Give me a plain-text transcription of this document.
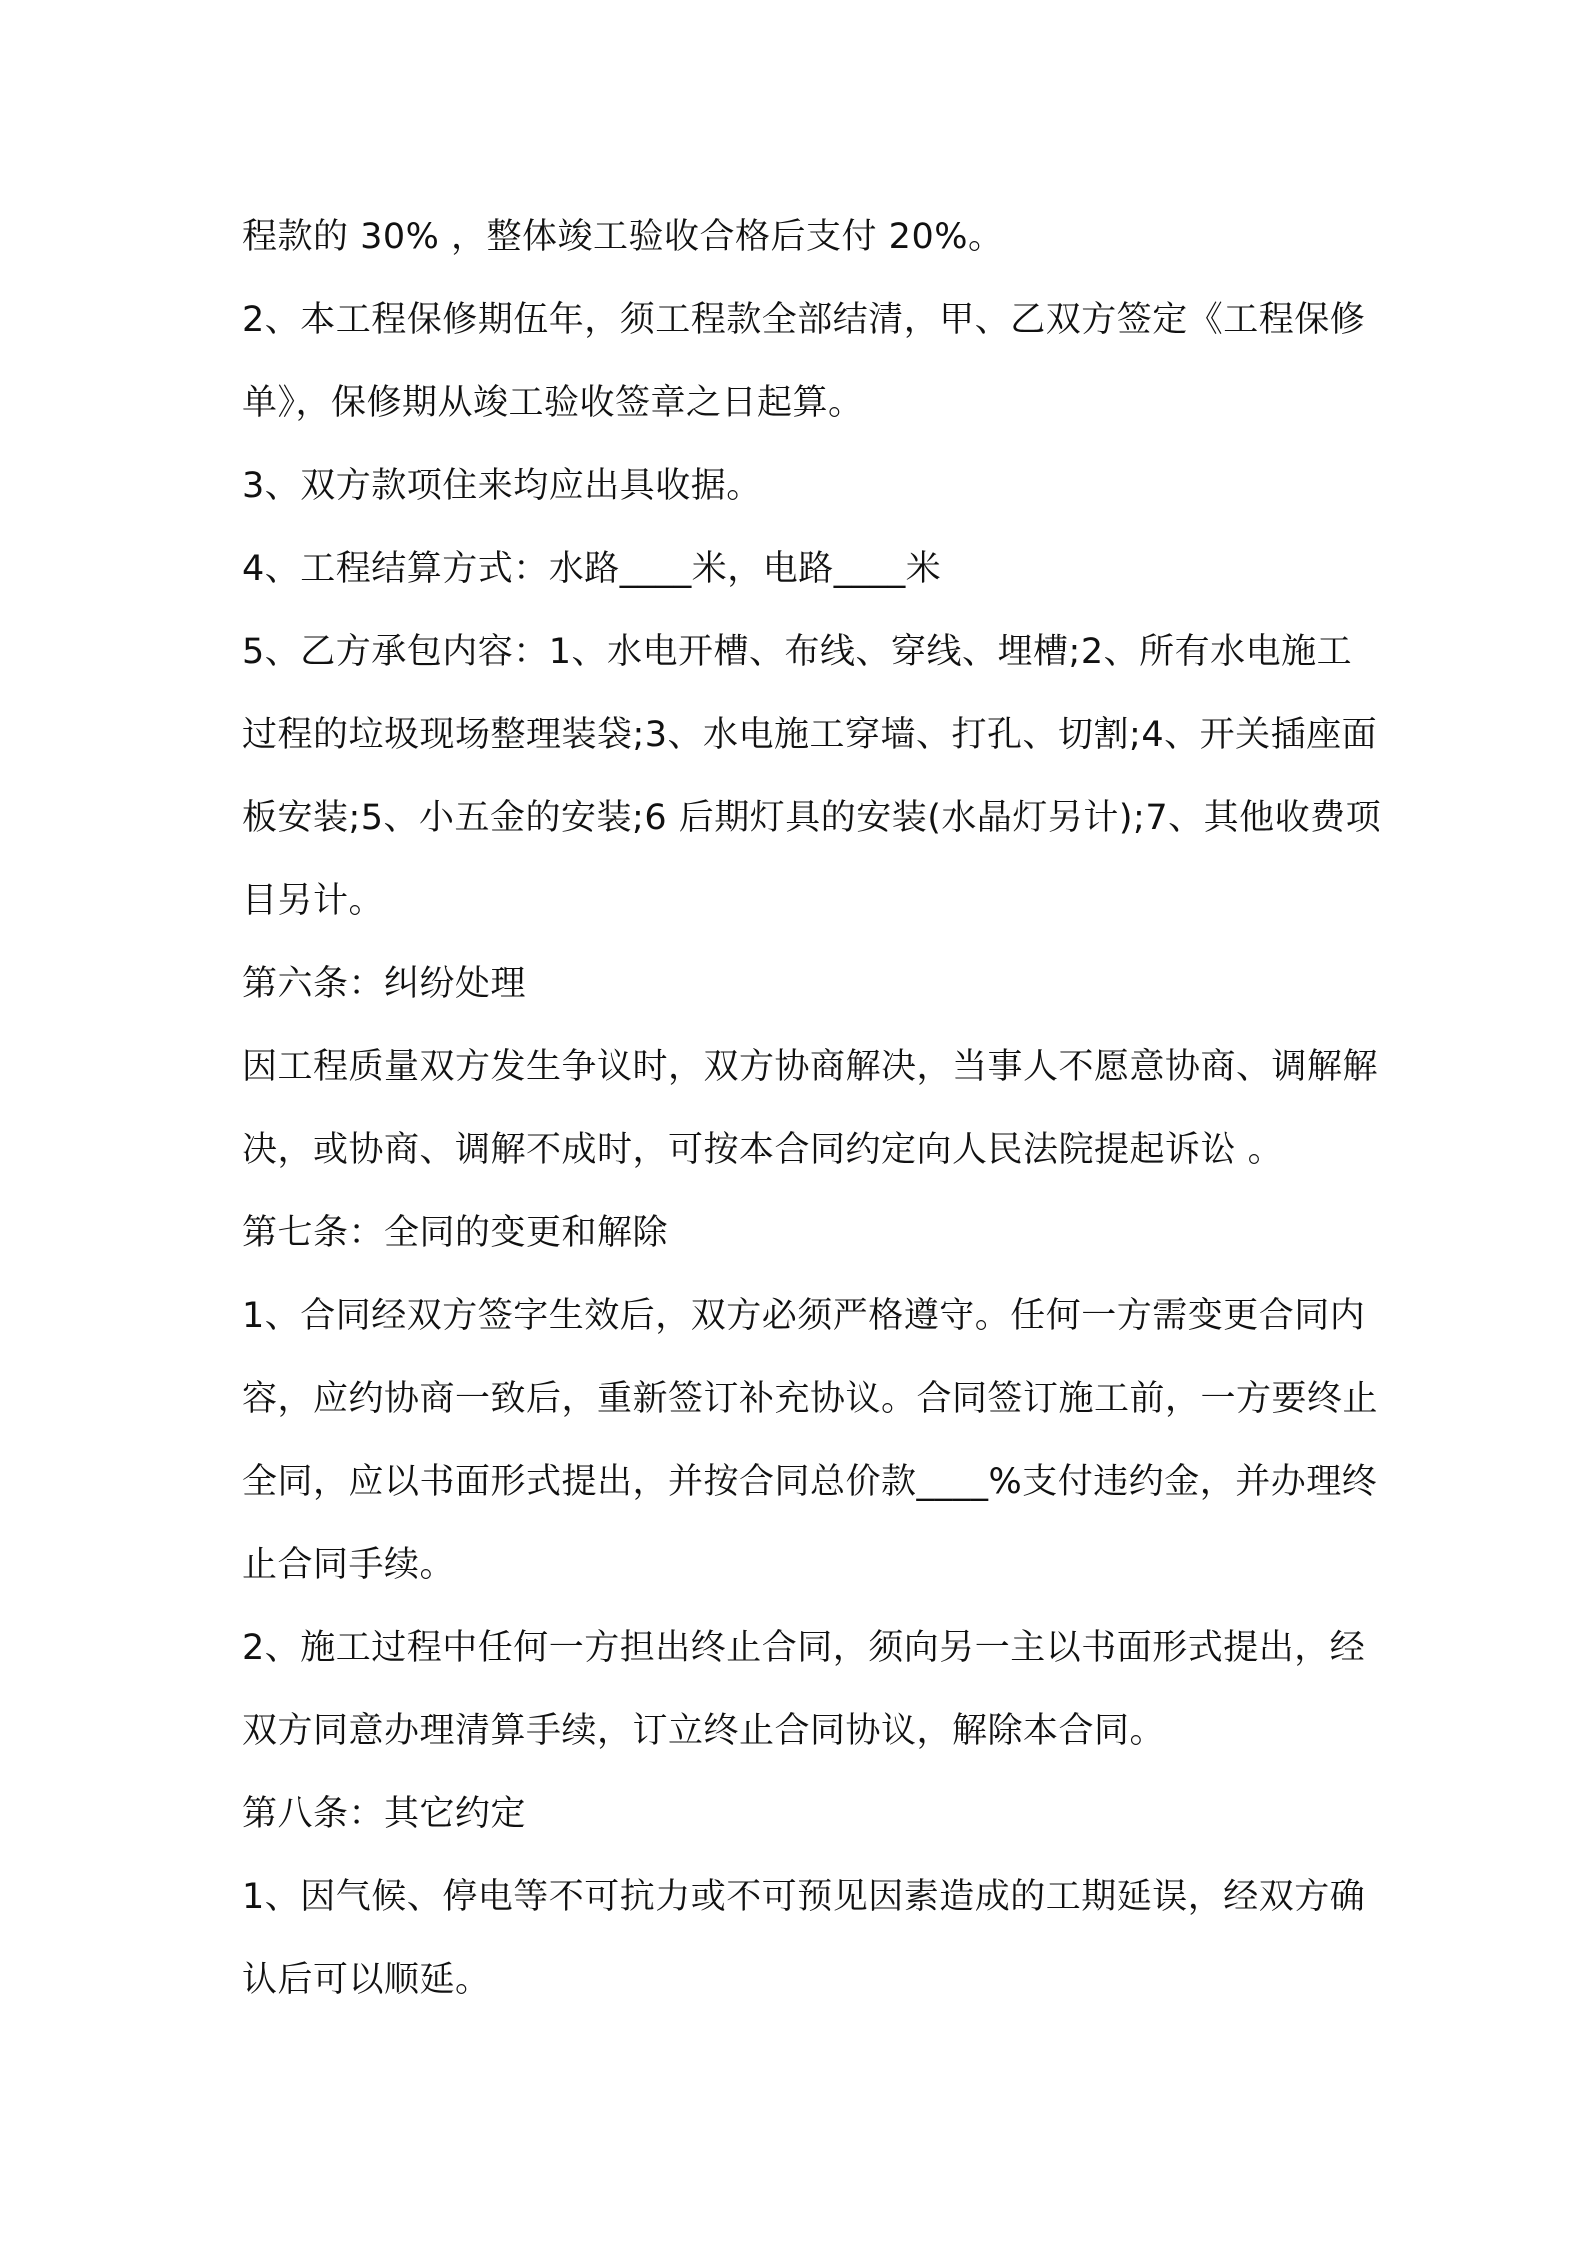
程款的 30% ，整体竣工验收合格后支付 20%。

2、本工程保修期伍年，须工程款全部结清，甲、乙双方签定《工程保修单》，保修期从竣工验收签章之日起算。

3、双方款项住来均应出具收据。

4、工程结算方式：水路____米，电路____米

5、乙方承包内容：1、水电开槽、布线、穿线、埋槽;2、所有水电施工过程的垃圾现场整理装袋;3、水电施工穿墙、打孔、切割;4、开关插座面板安装;5、小五金的安装;6 后期灯具的安装(水晶灯另计);7、其他收费项目另计。

第六条：纠纷处理

因工程质量双方发生争议时，双方协商解决，当事人不愿意协商、调解解决，或协商、调解不成时，可按本合同约定向人民法院提起诉讼 。

第七条：全同的变更和解除

1、合同经双方签字生效后，双方必须严格遵守。任何一方需变更合同内容，应约协商一致后，重新签订补充协议。合同签订施工前，一方要终止全同，应以书面形式提出，并按合同总价款____%支付违约金，并办理终止合同手续。

2、施工过程中任何一方担出终止合同，须向另一主以书面形式提出，经双方同意办理清算手续，订立终止合同协议，解除本合同。

第八条：其它约定

1、因气候、停电等不可抗力或不可预见因素造成的工期延误，经双方确认后可以顺延。
